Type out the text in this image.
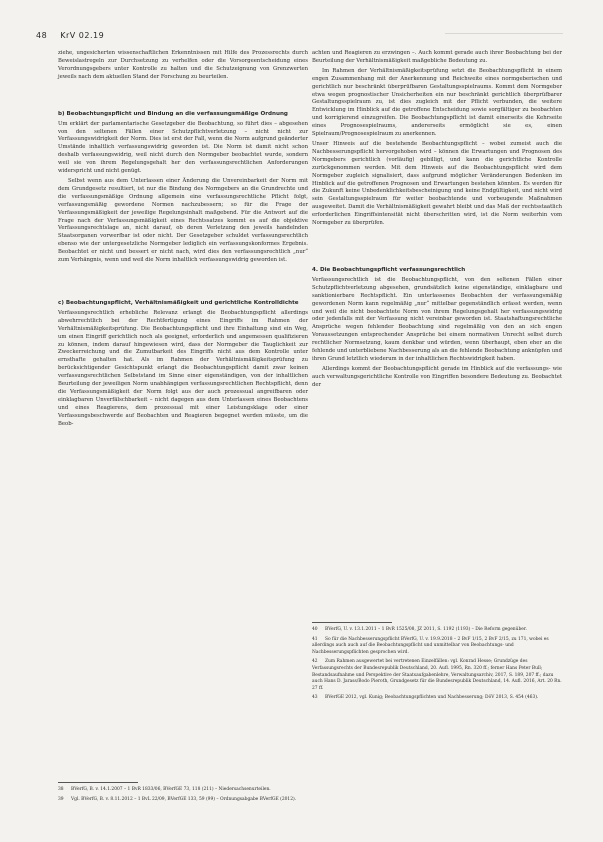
48 KrV 02.19

ziehe, ungesicherten wissenschaftlichen Erkenntnissen mit Hilfe des Prozessrechts durch Beweislastregeln zur Durchsetzung zu verhelfen oder die Vorsorgeentscheidung eines Verordnungsgebers unter Kontrolle zu halten und die Schutzeignung von Grenzwerten jeweils nach dem aktuellen Stand der Forschung zu beurteilen.

b) Beobachtungspflicht und Bindung an die verfassungsmäßige Ordnung

Um erklärt der parlamentarische Gesetzgeber die Beobachtung, so führt dies – abgesehen von den seltenen Fällen einer Schutzpflichtverletzung – nicht nicht zur Verfassungswidrigkeit der Norm. Dies ist erst der Fall, wenn die Norm aufgrund geänderter Umstände inhaltlich verfassungswidrig geworden ist. Die Norm ist damit nicht schon deshalb verfassungswidrig, weil nicht durch den Normgeber beobachtet wurde, sondern weil sie von ihrem Regelungsgehalt her den verfassungsrechtlichen Anforderungen widerspricht und nicht genügt.

Selbst wenn aus dem Unterlassen einer Änderung die Unvereinbarkeit der Norm mit dem Grundgesetz resultiert, ist nur die Bindung des Normgebers an die Grundrechte und die verfassungsmäßige Ordnung allgemein eine verfassungsrechtliche Pflicht folgt, verfassungsmäßig gewordene Normen nachzubessern; so für die Frage der Verfassungsmäßigkeit der jeweilige Regelungsinhalt maßgebend. Für die Antwort auf die Frage nach der Verfassungsmäßigkeit eines Rechtssatzes kommt es auf die objektive Verfassungsrechtslage an, nicht darauf, ob deren Verletzung den jeweils handelnden Staatsorganen vorwerfbar ist oder nicht. Der Gesetzgeber schuldet verfassungsrechtlich ebenso wie der untergesetzliche Normgeber lediglich ein verfassungskonformes Ergebnis. Beobachtet er nicht und bessert er nicht nach, wird dies den verfassungsrechtlich „nur“ zum Verhängnis, wenn und weil die Norm inhaltlich verfassungswidrig geworden ist.

c) Beobachtungspflicht, Verhältnismäßigkeit und gerichtliche Kontrolldichte

Verfassungsrechtlich erhebliche Relevanz erlangt die Beobachtungspflicht allerdings abwehrrechtlich bei der Rechtfertigung eines Eingriffs im Rahmen der Verhältnismäßigkeitsprüfung. Die Beobachtungspflicht und ihre Einhaltung sind ein Weg, um einen Eingriff gerichtlich noch als geeignet, erforderlich und angemessen qualifizieren zu können, indem darauf hingewiesen wird, dass der Normgeber die Tauglichkeit zur Zweckerreichung und die Zumutbarkeit des Eingriffs nicht aus dem Kontrolle unter ernsthafte gehalten hat. Als im Rahmen der Verhältnismäßigkeitsprüfung zu berücksichtigender Gesichtspunkt erlangt die Beobachtungspflicht damit zwar keinen verfassungsrechtlichen Selbststand im Sinne einer eigenständigen, von der inhaltlichen Beurteilung der jeweiligen Norm unabhängigen verfassungsrechtlichen Rechtspflicht, denn die Verfassungsmäßigkeit der Norm folgt aus der auch prozessual angreifbaren oder einklagbaren Unverfälschbarkeit – nicht dagegen aus dem Unterlassen eines Beobachtens und eines Reagierens, dem prozessual mit einer Leistungsklage oder einer Verfassungsbeschwerde auf Beobachten und Reagieren begegnet werden müsste, um die Beob-

38 BVerfG, B. v. 14.1.2007 – 1 BvR 1833/06, BVerfGE 73, 118 (211) – Niedersachsenurteilen.

39 Vgl. BVerfG, B. v. 8.11.2012 – 1 BvL 22/09, BVerfGE 133, 59 (99) – Ordnungsabgabe BVerfGE (2012).

achten und Reagieren zu erzwingen –. Auch kommt gerade auch ihrer Beobachtung bei der Beurteilung der Verhältnismäßigkeit maßgebliche Bedeutung zu.

Im Rahmen der Verhältnismäßigkeitsprüfung setzt die Beobachtungspflicht in einem engen Zusammenhang mit der Anerkennung und Reichweite eines normgeberischen und gerichtlich nur beschränkt überprüfbaren Gestaltungsspielraums. Kommt dem Normgeber etwa wegen prognostischer Unsicherheiten ein nur beschränkt gerichtlich überprüfbarer Gestaltungsspielraum zu, ist dies zugleich mit der Pflicht verbunden, die weitere Entwicklung im Hinblick auf die getroffene Entscheidung sowie sorgfältiger zu beobachten und korrigierend einzugreifen. Die Beobachtungspflicht ist damit einerseits die Kehrseite eines Prognosespielraums, andererseits ermöglicht sie es, einen Spielraum/Prognosespielraum zu anerkennen.

Unser Hinweis auf die bestehende Beobachtungspflicht – wobei zumeist auch die Nachbesserungspflicht hervorgehoben wird – können die Erwartungen und Prognosen des Normgebers gerichtlich (vorläufig) gebilligt, und kann die gerichtliche Kontrolle zurückgenommen werden. Mit dem Hinweis auf die Beobachtungspflicht wird dem Normgeber zugleich signalisiert, dass aufgrund möglicher Veränderungen Bedenken im Hinblick auf die getroffenen Prognosen und Erwartungen bestehen könnten. Es werden für die Zukunft keine Unbedenklichkeitsbescheinigung und keine Endgültigkeit, und nicht wird sein Gestaltungsspielraum für weiter beobachtende und vorbeugende Maßnahmen ausgeweitet. Damit die Verhältnismäßigkeit gewahrt bleibt und das Maß der rechtsstaatlich erforderlichen Eingriffsintensität nicht überschritten wird, ist die Norm weiterhin vom Normgeber zu überprüfen.

4. Die Beobachtungspflicht verfassungsrechtlich

Verfassungsrechtlich ist die Beobachtungspflicht, von den seltenen Fällen einer Schutzpflichtverletzung abgesehen, grundsätzlich keine eigenständige, einklagbare und sanktionierbare Rechtspflicht. Ein unterlassenes Beobachten der verfassungsmäßig gewordenen Norm kann regelmäßig „nur“ mittelbar gegenständlich erfasst werden, wenn und weil die nicht beobachtete Norm von ihrem Regelungsgehalt her verfassungswidrig oder jedenfalls mit der Verfassung nicht vereinbar geworden ist. Staatshaftungsrechtliche Ansprüche wegen fehlender Beobachtung sind regelmäßig von den an sich engen Voraussetzungen entsprechender Ansprüche bei einem normativen Unrecht selbst durch rechtlicher Normsetzung, kaum denkbar und würden, wenn überhaupt, eben eher an die fehlende und unterbliebene Nachbesserung als an die fehlende Beobachtung anknüpfen und ihren Grund letztlich wiederum in der inhaltlichen Rechtswidrigkeit haben.

Allerdings kommt der Beobachtungspflicht gerade im Hinblick auf die verfassungs- wie auch verwaltungsgerichtliche Kontrolle von Eingriffen besondere Bedeutung zu. Beobachtet der

40 BVerfG, U. v. 13.1.2011 – 1 BvR 1525/08, JZ 2011, S. 1192 (1193) – Die Reform gegenüber.

41 So für die Nachbesserungspflicht BVerfG, U. v. 19.9.2018 – 2 BvF 1/15, 2 BvF 2/15, zu 171, wobei es allerdings auch auch auf die Beobachtungspflicht und unmittelbar von Beobachtungs- und Nachbesserungspflichten gesprochen wird.

42 Zum Rahmen ausgewertet bei vertretenen Einzelfällen: vgl. Konrad Hesse; Grundzüge des Verfassungsrechts der Bundesrepublik Deutschland, 20. Aufl. 1995, Rn. 320 ff.; ferner Hans Peter Bull; Bestandsaufnahme und Perspektive der Staatsaufgabenlehre, Verwaltungsarchiv, 2017, S. 189, 207 ff.; dazu auch Hans D. Jarass/Bodo Pieroth, Grundgesetz für die Bundesrepublik Deutschland, 14. Aufl. 2016, Art. 20 Rn. 27 ff.

43 BVerfGE 2012, vgl. Kunig; Beobachtungspflichten und Nachbesserung; DöV 2013, S. 454 (463).
